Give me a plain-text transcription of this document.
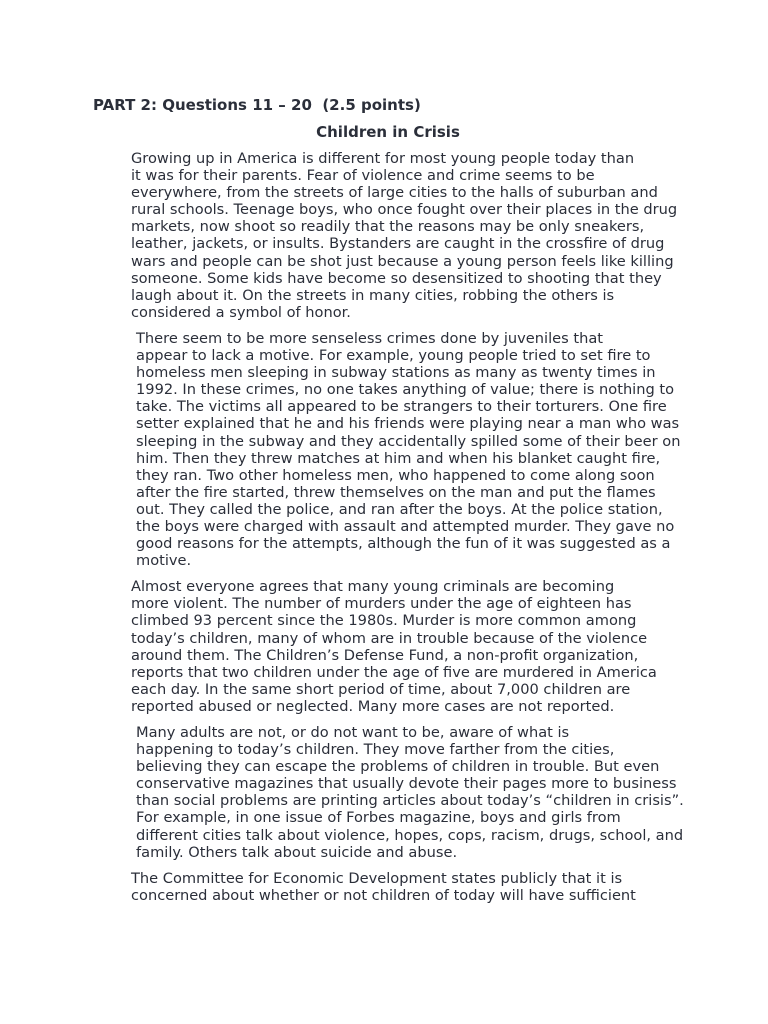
PART 2: Questions 11 – 20  (2.5 points)
Children in Crisis

Growing up in America is different for most young people today than
it was for their parents. Fear of violence and crime seems to be
everywhere, from the streets of large cities to the halls of suburban and
rural schools. Teenage boys, who once fought over their places in the drug
markets, now shoot so readily that the reasons may be only sneakers,
leather, jackets, or insults. Bystanders are caught in the crossfire of drug
wars and people can be shot just because a young person feels like killing
someone. Some kids have become so desensitized to shooting that they
laugh about it. On the streets in many cities, robbing the others is
considered a symbol of honor.

There seem to be more senseless crimes done by juveniles that
appear to lack a motive. For example, young people tried to set fire to
homeless men sleeping in subway stations as many as twenty times in
1992. In these crimes, no one takes anything of value; there is nothing to
take. The victims all appeared to be strangers to their torturers. One fire
setter explained that he and his friends were playing near a man who was
sleeping in the subway and they accidentally spilled some of their beer on
him. Then they threw matches at him and when his blanket caught fire,
they ran. Two other homeless men, who happened to come along soon
after the fire started, threw themselves on the man and put the flames
out. They called the police, and ran after the boys. At the police station,
the boys were charged with assault and attempted murder. They gave no
good reasons for the attempts, although the fun of it was suggested as a
motive.

Almost everyone agrees that many young criminals are becoming
more violent. The number of murders under the age of eighteen has
climbed 93 percent since the 1980s. Murder is more common among
today’s children, many of whom are in trouble because of the violence
around them. The Children’s Defense Fund, a non-profit organization,
reports that two children under the age of five are murdered in America
each day. In the same short period of time, about 7,000 children are
reported abused or neglected. Many more cases are not reported.

Many adults are not, or do not want to be, aware of what is
happening to today’s children. They move farther from the cities,
believing they can escape the problems of children in trouble. But even
conservative magazines that usually devote their pages more to business
than social problems are printing articles about today’s “children in crisis”.
For example, in one issue of Forbes magazine, boys and girls from
different cities talk about violence, hopes, cops, racism, drugs, school, and
family. Others talk about suicide and abuse.

The Committee for Economic Development states publicly that it is
concerned about whether or not children of today will have sufficient
